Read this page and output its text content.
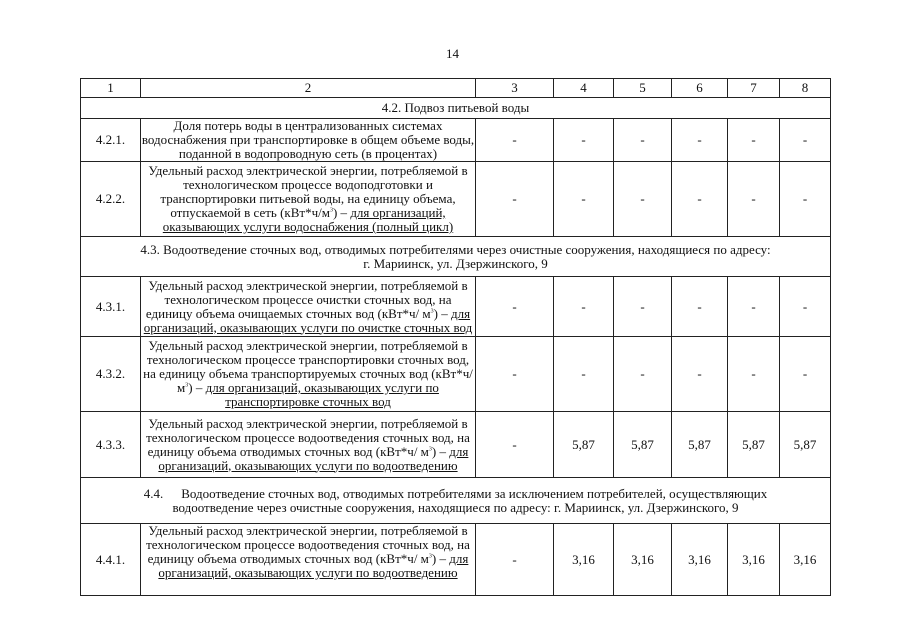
14
1	2	3	4	5	6	7	8
4.2. Подвоз питьевой воды							
4.2.1.	Доля потерь воды в централизованных системах водоснабжения при транспортировке в общем объеме воды, поданной в водопроводную сеть (в процентах)	-	-	-	-	-	-
4.2.2.	Удельный расход электрической энергии, потребляемой в технологическом процессе водоподготовки и транспортировки питьевой воды, на единицу объема, отпускаемой в сеть $(кВт*ч/м^3)$ – для организаций, оказывающих услуги водоснабжения (полный цикл)	-	-	-	-	-	-
4.3. Водоотведение сточных вод, отводимых потребителями через очистные сооружения, находящиеся по адресу:
г. Мариинск, ул. Дзержинского, 9							
4.3.1.	Удельный расход электрической энергии, потребляемой в технологическом процессе очистки сточных вод, на единицу объема очищаемых сточных вод (кВт*ч/ $м^3$) – для организаций, оказывающих услуги по очистке сточных вод	-	-	-	-	-	-
4.3.2.	Удельный расход электрической энергии, потребляемой в технологическом процессе транспортировки сточных вод, на единицу объема транспортируемых сточных вод (кВт*ч/ $м^3$) – для организаций, оказывающих услуги по транспортировке сточных вод	-	-	-	-	-	-
4.3.3.	Удельный расход электрической энергии, потребляемой в технологическом процессе водоотведения сточных вод, на единицу объема отводимых сточных вод (кВт*ч/ $м^3$) – для организаций, оказывающих услуги по водоотведению	-	5,87	5,87	5,87	5,87	5,87
4.4. Водоотведение сточных вод, отводимых потребителями за исключением потребителей, осуществляющих
водоотведение через очистные сооружения, находящиеся по адресу: г. Мариинск, ул. Дзержинского, 9							
4.4.1.	Удельный расход электрической энергии, потребляемой в технологическом процессе водоотведения сточных вод, на единицу объема отводимых сточных вод (кВт*ч/ $м^3$) – для организаций, оказывающих услуги по водоотведению	-	3,16	3,16	3,16	3,16	3,16
